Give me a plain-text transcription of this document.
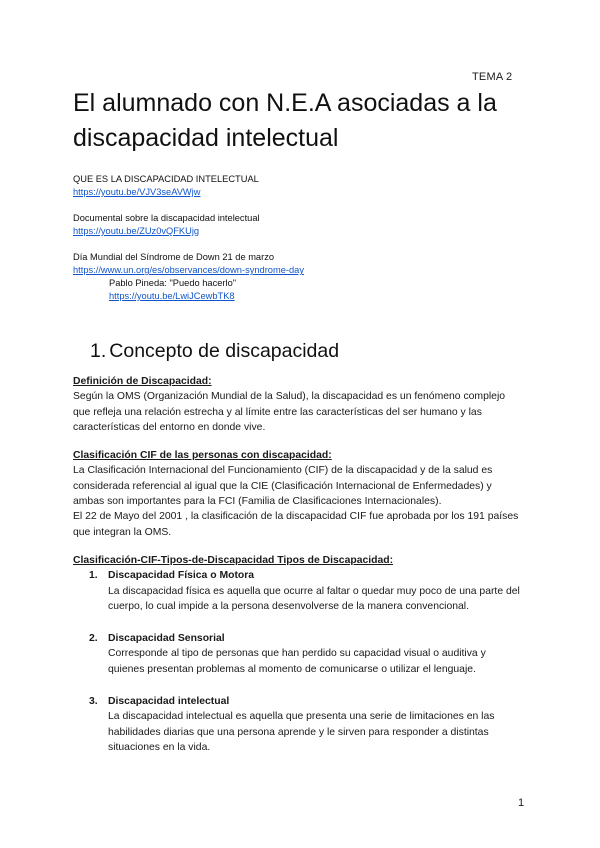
TEMA 2
El alumnado con N.E.A asociadas a la discapacidad intelectual
QUE ES LA DISCAPACIDAD INTELECTUAL
https://youtu.be/VJV3seAVWjw
Documental sobre la discapacidad intelectual
https://youtu.be/ZUz0vQFKUjg
Día Mundial del Síndrome de Down 21 de marzo
https://www.un.org/es/observances/down-syndrome-day
Pablo Pineda: "Puedo hacerlo"
https://youtu.be/LwiJCewbTK8
1. Concepto de discapacidad
Definición de Discapacidad:

Según la OMS (Organización Mundial de la Salud), la discapacidad es un fenómeno complejo que refleja una relación estrecha y al límite entre las características del ser humano y las características del entorno en donde vive.

Clasificación CIF de las personas con discapacidad:

La Clasificación Internacional del Funcionamiento (CIF) de la discapacidad y de la salud es considerada referencial al igual que la CIE (Clasificación Internacional de Enfermedades) y ambas son importantes para la FCI (Familia de Clasificaciones Internacionales).

El 22 de Mayo del 2001 , la clasificación de la discapacidad CIF fue aprobada por los 191 países que integran la OMS.

Clasificación-CIF-Tipos-de-Discapacidad Tipos de Discapacidad:
1. Discapacidad Física o Motora
La discapacidad física es aquella que ocurre al faltar o quedar muy poco de una parte del cuerpo, lo cual impide a la persona desenvolverse de la manera convencional.
2. Discapacidad Sensorial
Corresponde al tipo de personas que han perdido su capacidad visual o auditiva y quienes presentan problemas al momento de comunicarse o utilizar el lenguaje.
3. Discapacidad intelectual
La discapacidad intelectual es aquella que presenta una serie de limitaciones en las habilidades diarias que una persona aprende y le sirven para responder a distintas situaciones en la vida.
1
